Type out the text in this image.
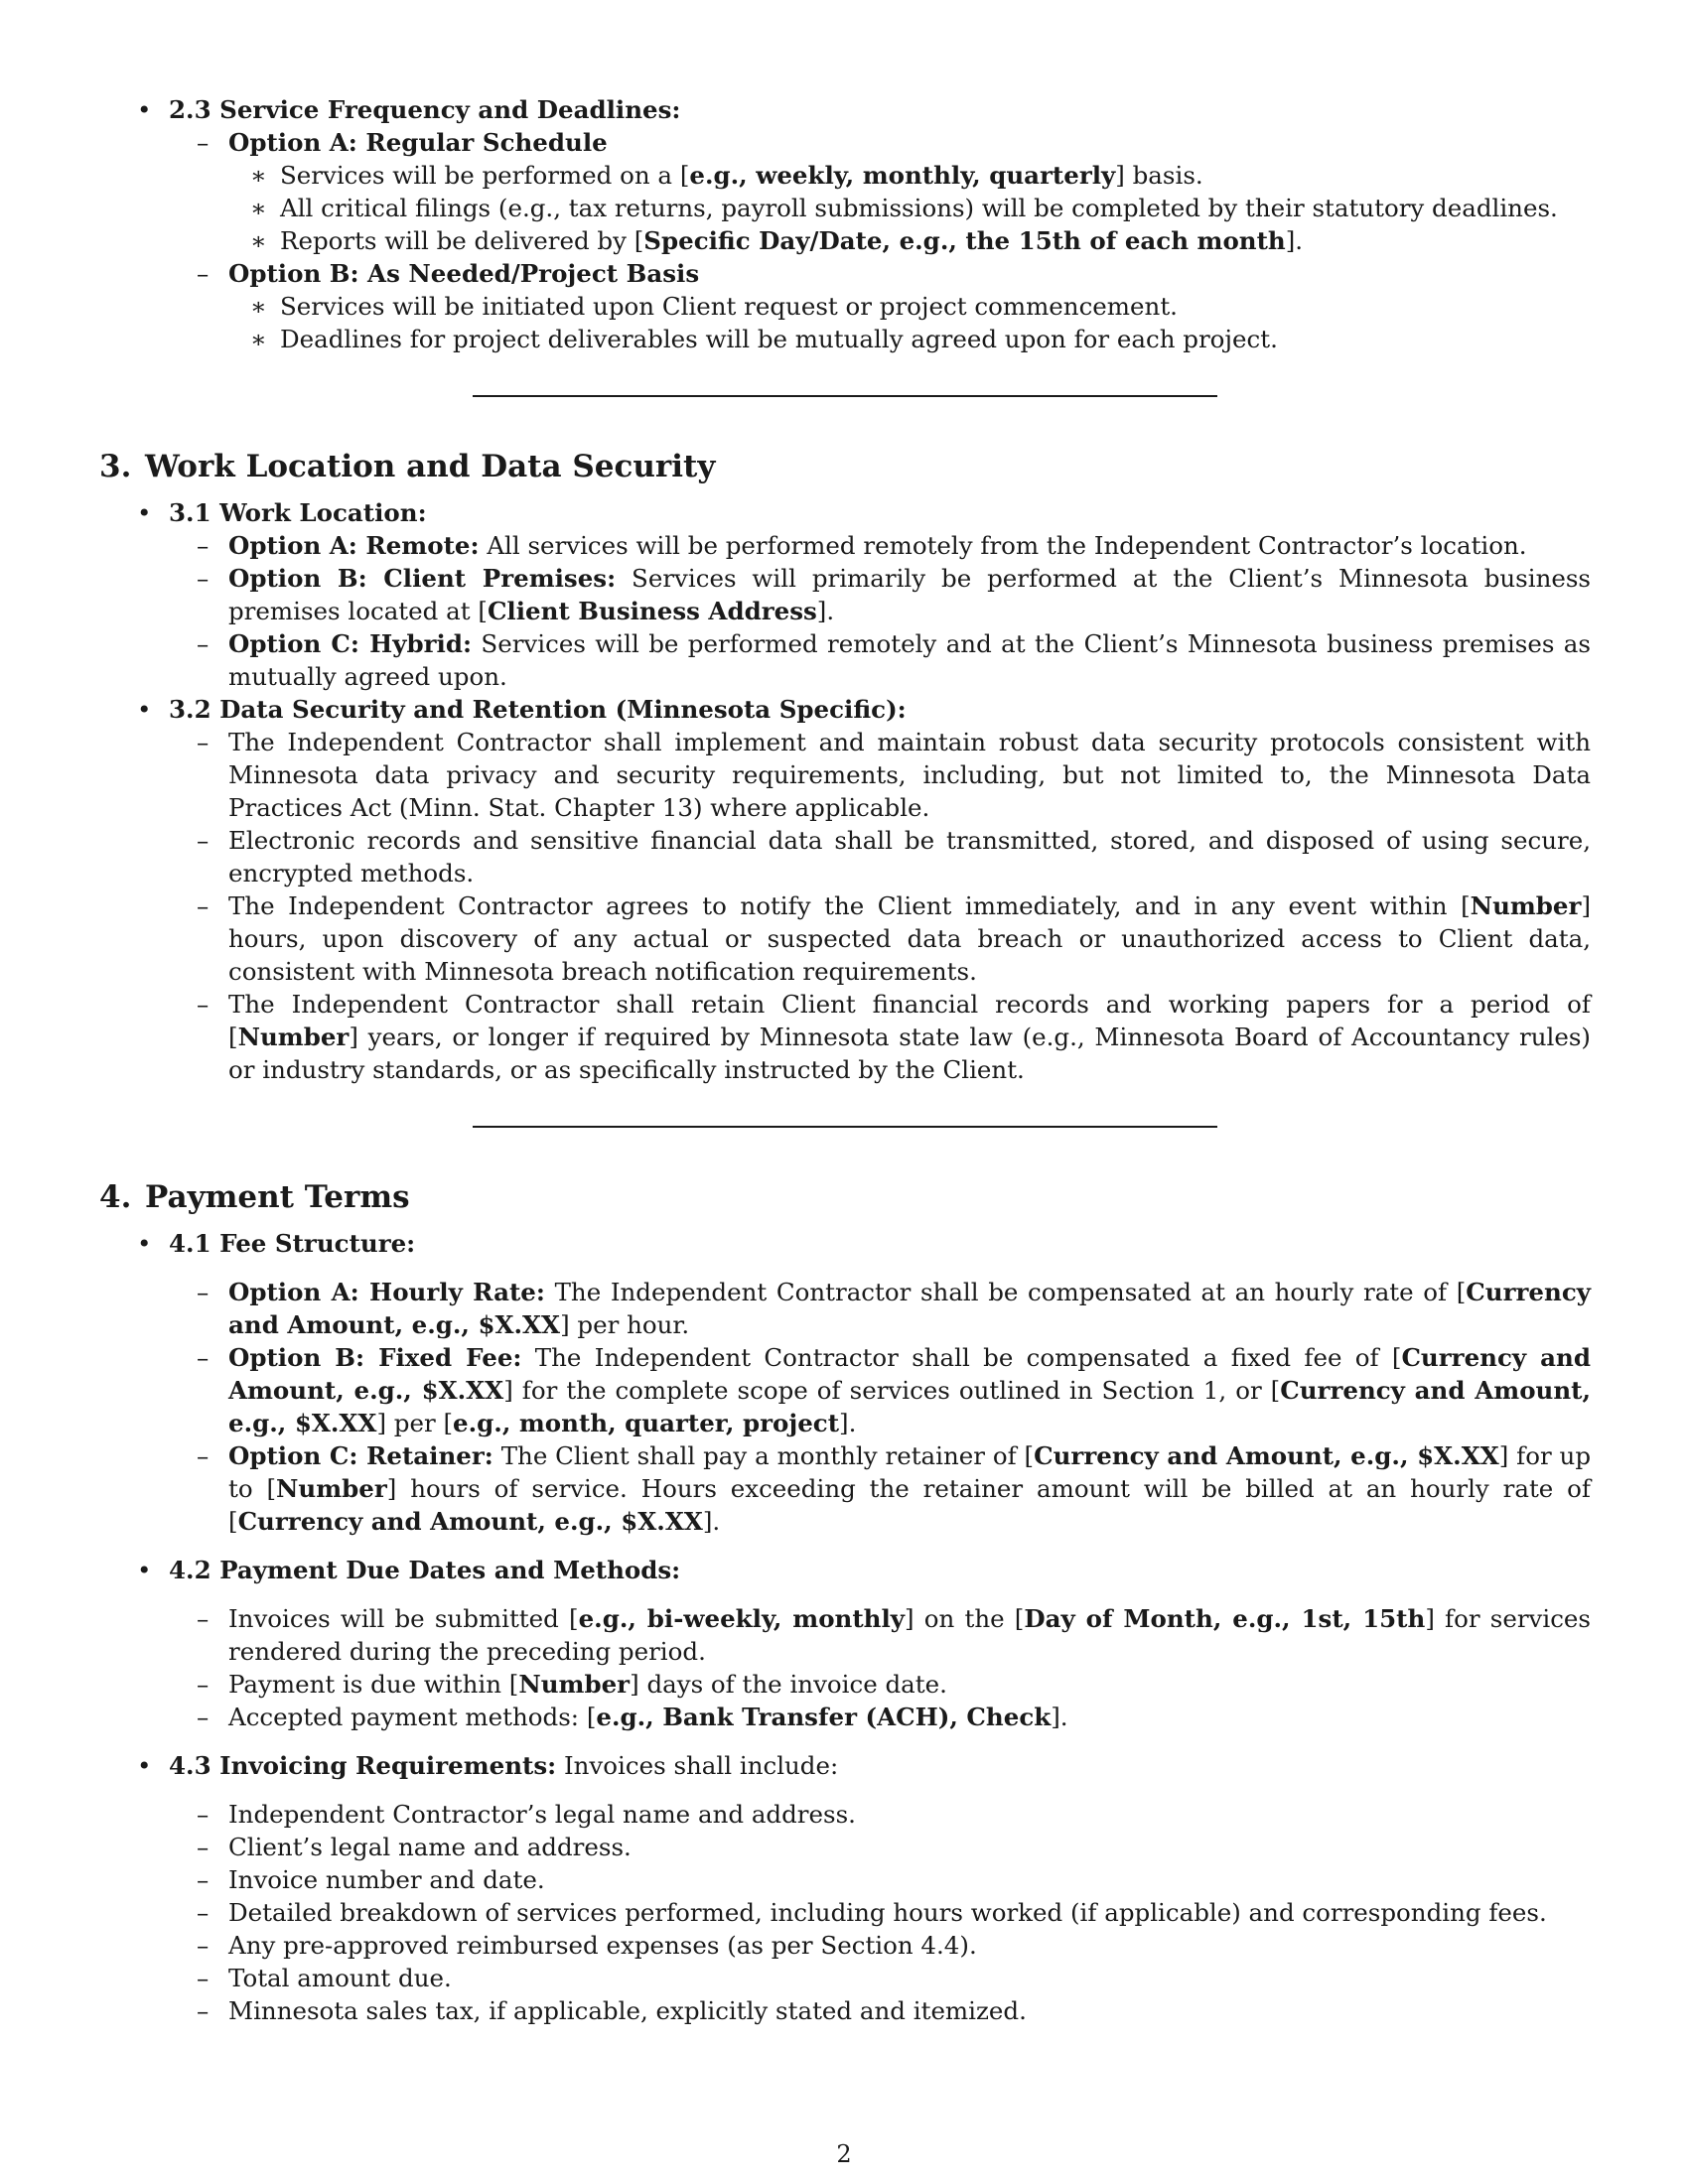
• 2.3 Service Frequency and Deadlines:
– Option A: Regular Schedule
∗ Services will be performed on a [e.g., weekly, monthly, quarterly] basis.
∗ All critical filings (e.g., tax returns, payroll submissions) will be completed by their statutory deadlines.
∗ Reports will be delivered by [Specific Day/Date, e.g., the 15th of each month].
– Option B: As Needed/Project Basis
∗ Services will be initiated upon Client request or project commencement.
∗ Deadlines for project deliverables will be mutually agreed upon for each project.
3. Work Location and Data Security
• 3.1 Work Location:
– Option A: Remote: All services will be performed remotely from the Independent Contractor’s location.
– Option B: Client Premises: Services will primarily be performed at the Client’s Minnesota business premises located at [Client Business Address].
– Option C: Hybrid: Services will be performed remotely and at the Client’s Minnesota business premises as mutually agreed upon.
• 3.2 Data Security and Retention (Minnesota Specific):
– The Independent Contractor shall implement and maintain robust data security protocols consistent with Minnesota data privacy and security requirements, including, but not limited to, the Minnesota Data Practices Act (Minn. Stat. Chapter 13) where applicable.
– Electronic records and sensitive financial data shall be transmitted, stored, and disposed of using secure, encrypted methods.
– The Independent Contractor agrees to notify the Client immediately, and in any event within [Number] hours, upon discovery of any actual or suspected data breach or unauthorized access to Client data, consistent with Minnesota breach notification requirements.
– The Independent Contractor shall retain Client financial records and working papers for a period of [Number] years, or longer if required by Minnesota state law (e.g., Minnesota Board of Accountancy rules) or industry standards, or as specifically instructed by the Client.
4. Payment Terms
• 4.1 Fee Structure:
– Option A: Hourly Rate: The Independent Contractor shall be compensated at an hourly rate of [Currency and Amount, e.g., $X.XX] per hour.
– Option B: Fixed Fee: The Independent Contractor shall be compensated a fixed fee of [Currency and Amount, e.g., $X.XX] for the complete scope of services outlined in Section 1, or [Currency and Amount, e.g., $X.XX] per [e.g., month, quarter, project].
– Option C: Retainer: The Client shall pay a monthly retainer of [Currency and Amount, e.g., $X.XX] for up to [Number] hours of service. Hours exceeding the retainer amount will be billed at an hourly rate of [Currency and Amount, e.g., $X.XX].
• 4.2 Payment Due Dates and Methods:
– Invoices will be submitted [e.g., bi-weekly, monthly] on the [Day of Month, e.g., 1st, 15th] for services rendered during the preceding period.
– Payment is due within [Number] days of the invoice date.
– Accepted payment methods: [e.g., Bank Transfer (ACH), Check].
• 4.3 Invoicing Requirements: Invoices shall include:
– Independent Contractor’s legal name and address.
– Client’s legal name and address.
– Invoice number and date.
– Detailed breakdown of services performed, including hours worked (if applicable) and corresponding fees.
– Any pre-approved reimbursed expenses (as per Section 4.4).
– Total amount due.
– Minnesota sales tax, if applicable, explicitly stated and itemized.
2
